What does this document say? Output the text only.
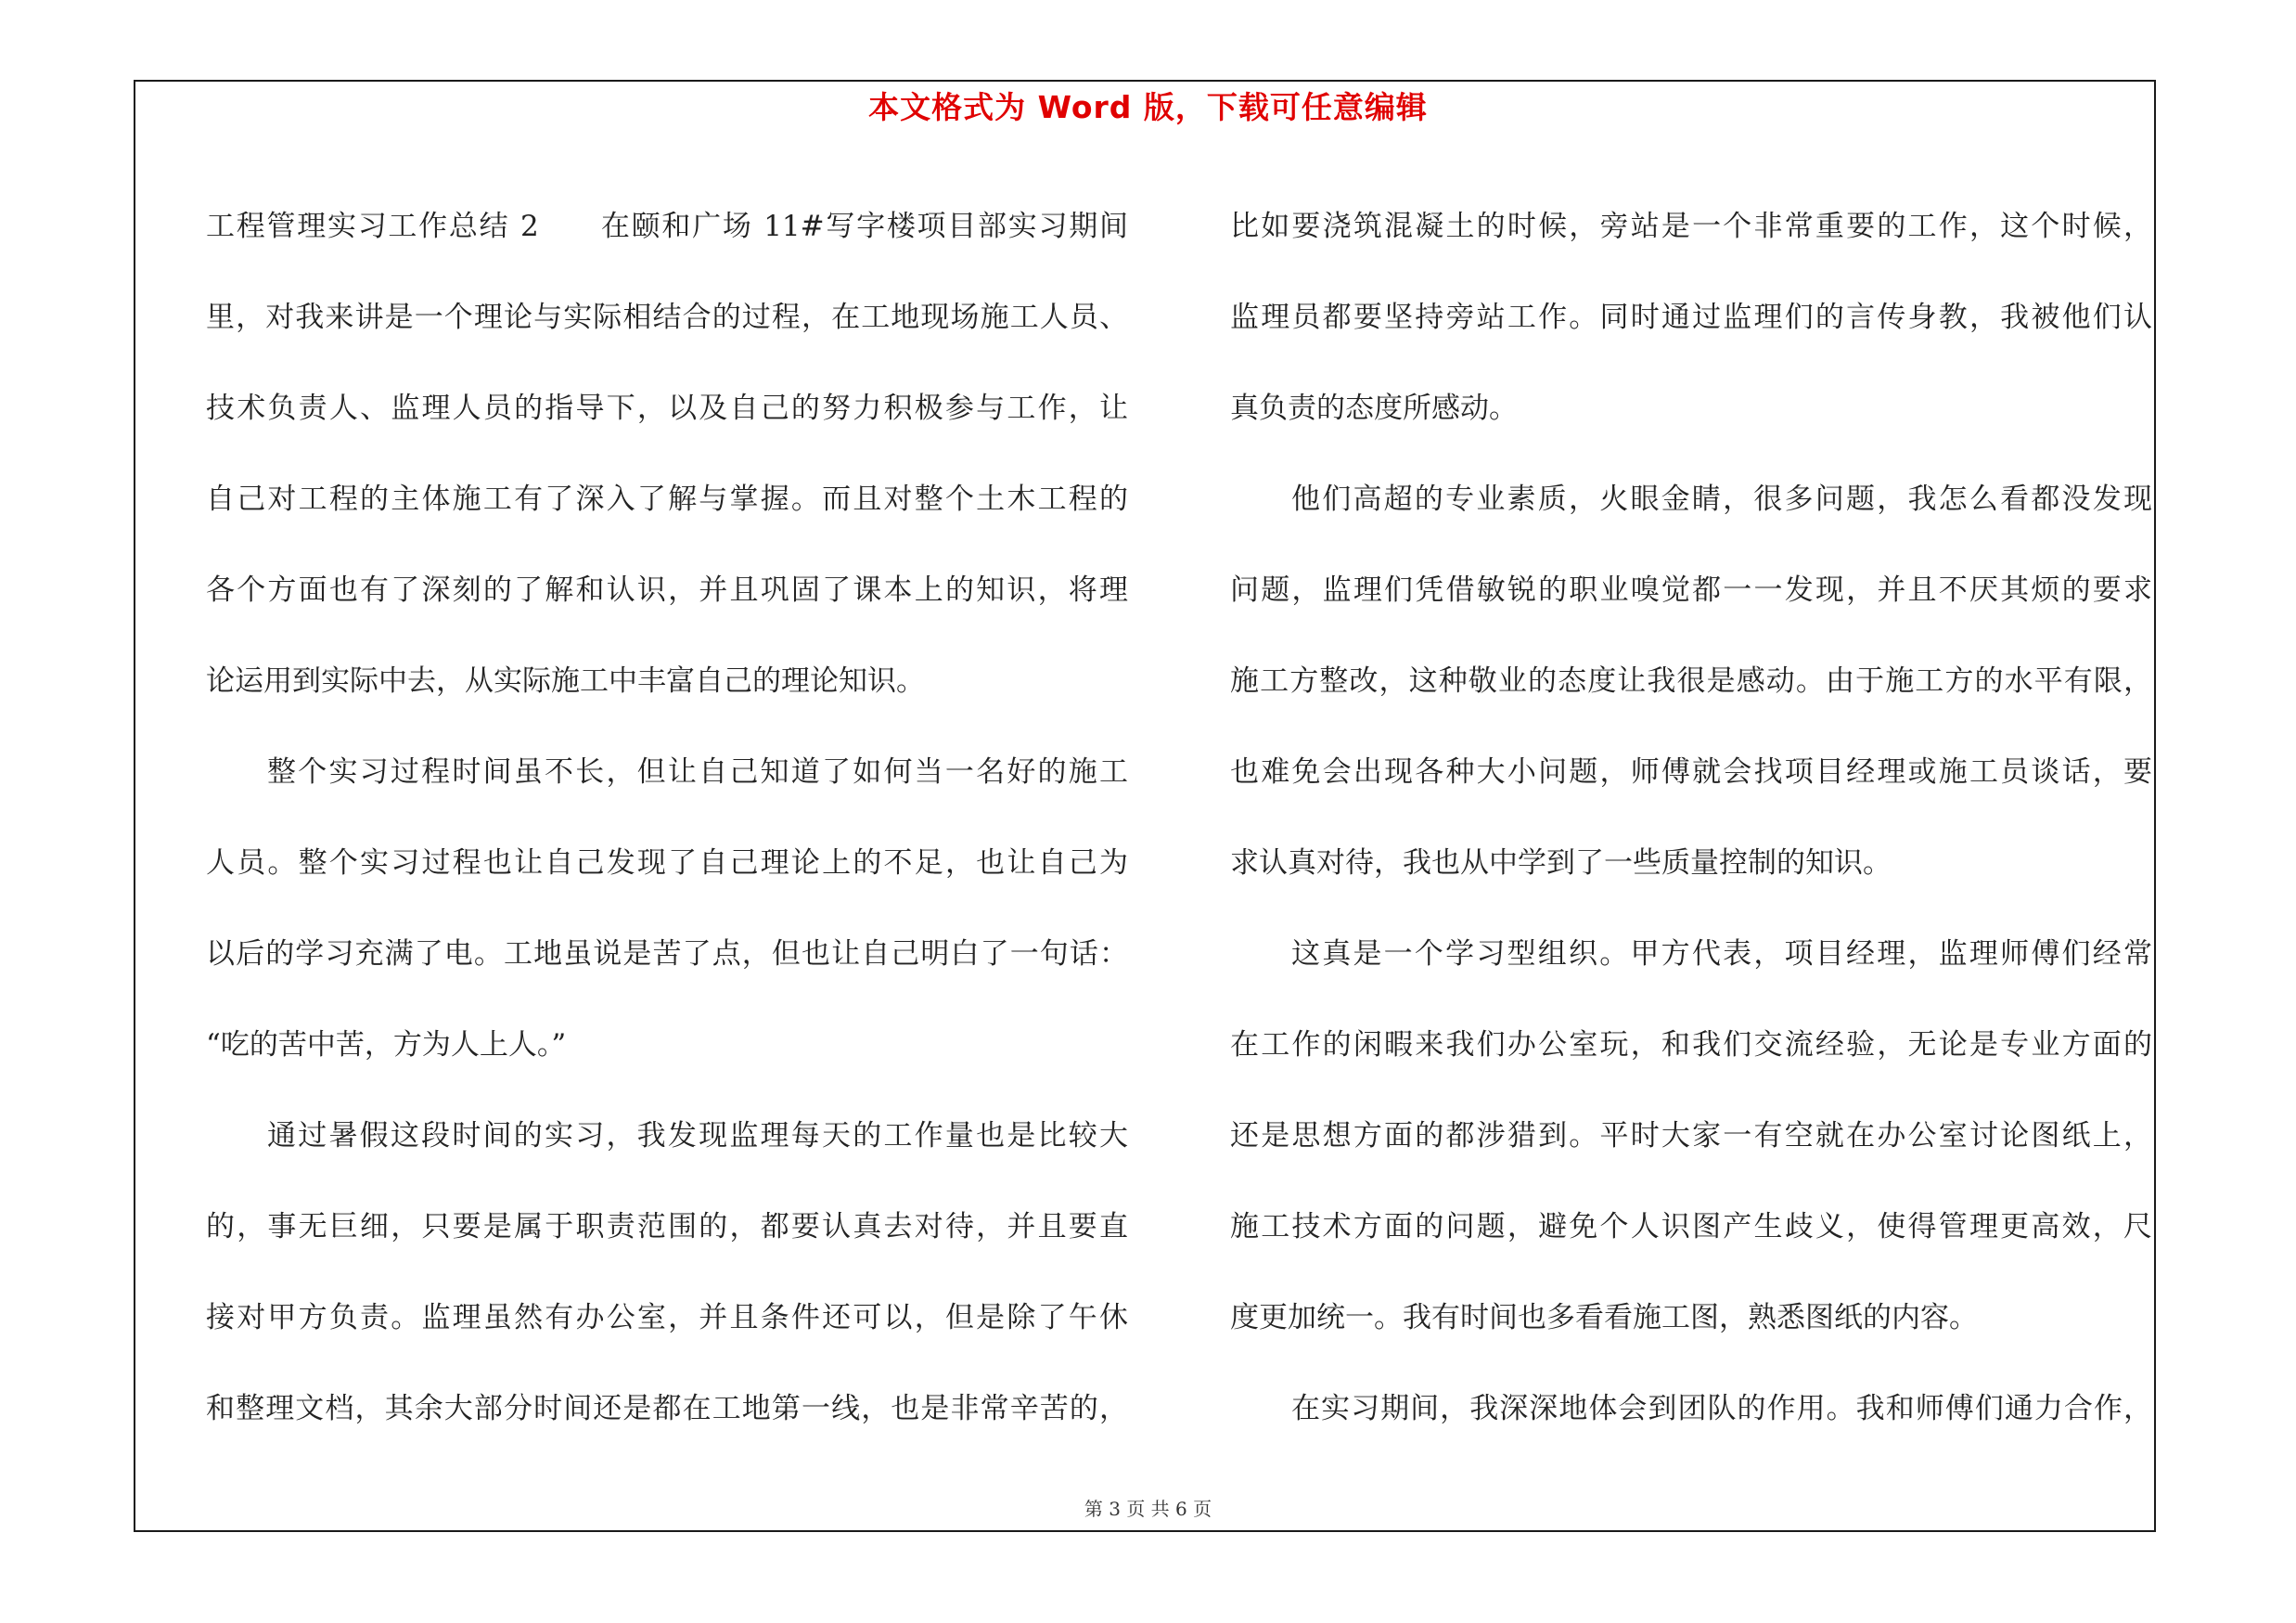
本文格式为 Word 版，下载可任意编辑
工程管理实习工作总结 2　　在颐和广场 11#写字楼项目部实习期间
里，对我来讲是一个理论与实际相结合的过程，在工地现场施工人员、
技术负责人、监理人员的指导下，以及自己的努力积极参与工作，让
自己对工程的主体施工有了深入了解与掌握。而且对整个土木工程的
各个方面也有了深刻的了解和认识，并且巩固了课本上的知识，将理
论运用到实际中去，从实际施工中丰富自己的理论知识。
整个实习过程时间虽不长，但让自己知道了如何当一名好的施工
人员。整个实习过程也让自己发现了自己理论上的不足，也让自己为
以后的学习充满了电。工地虽说是苦了点，但也让自己明白了一句话：
“吃的苦中苦，方为人上人。”
通过暑假这段时间的实习，我发现监理每天的工作量也是比较大
的，事无巨细，只要是属于职责范围的，都要认真去对待，并且要直
接对甲方负责。监理虽然有办公室，并且条件还可以，但是除了午休
和整理文档，其余大部分时间还是都在工地第一线，也是非常辛苦的，
比如要浇筑混凝土的时候，旁站是一个非常重要的工作，这个时候，
监理员都要坚持旁站工作。同时通过监理们的言传身教，我被他们认
真负责的态度所感动。
他们高超的专业素质，火眼金睛，很多问题，我怎么看都没发现
问题，监理们凭借敏锐的职业嗅觉都一一发现，并且不厌其烦的要求
施工方整改，这种敬业的态度让我很是感动。由于施工方的水平有限，
也难免会出现各种大小问题，师傅就会找项目经理或施工员谈话，要
求认真对待，我也从中学到了一些质量控制的知识。
这真是一个学习型组织。甲方代表，项目经理，监理师傅们经常
在工作的闲暇来我们办公室玩，和我们交流经验，无论是专业方面的
还是思想方面的都涉猎到。平时大家一有空就在办公室讨论图纸上，
施工技术方面的问题，避免个人识图产生歧义，使得管理更高效，尺
度更加统一。我有时间也多看看施工图，熟悉图纸的内容。
在实习期间，我深深地体会到团队的作用。我和师傅们通力合作，
第 3 页 共 6 页
